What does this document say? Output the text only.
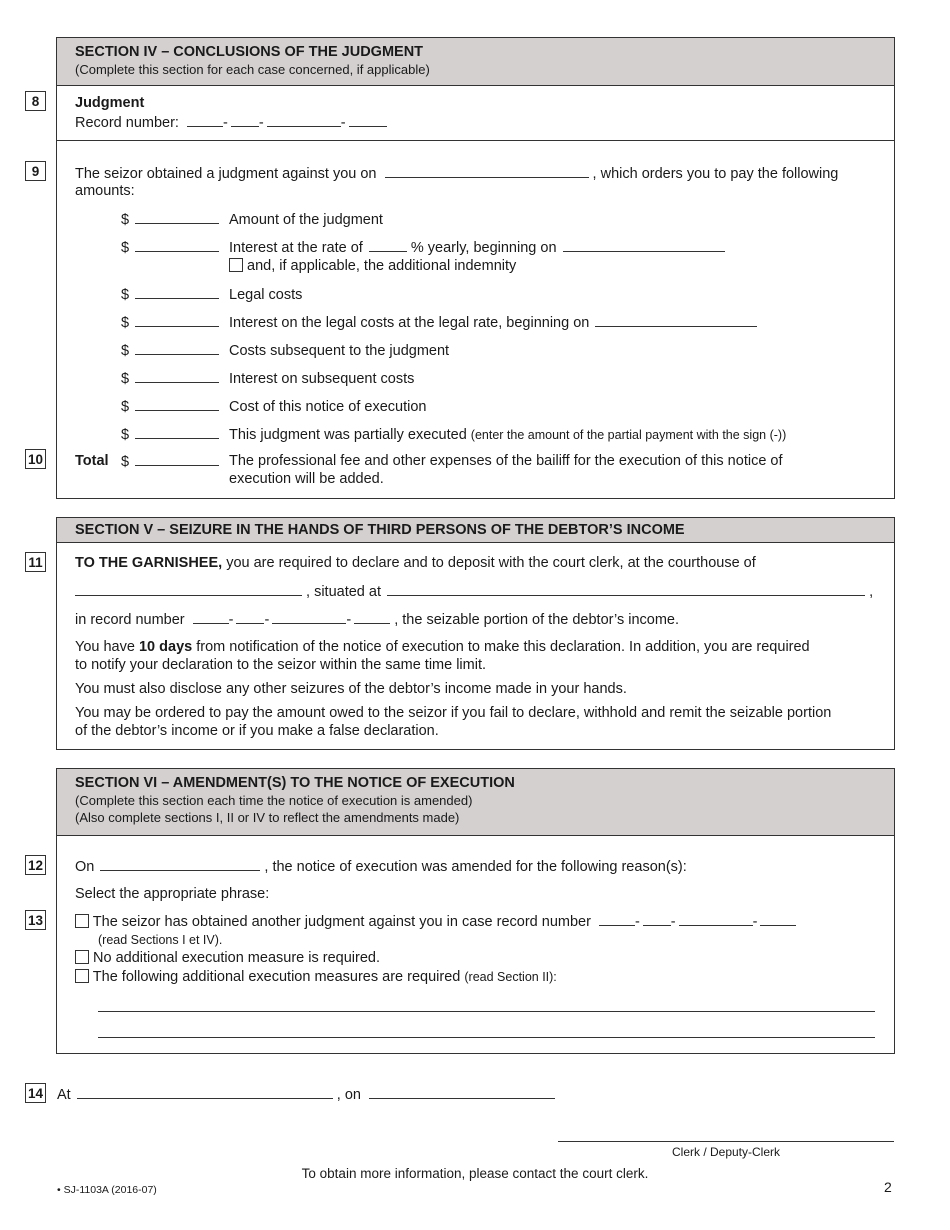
SECTION IV – CONCLUSIONS OF THE JUDGMENT
(Complete this section for each case concerned, if applicable)
Judgment
Record number:	- -	-
The seizor obtained a judgment against you on	, which orders you to pay the following
amounts:
$	Amount of the judgment
$	Interest at the rate of	% yearly, beginning on
and, if applicable, the additional indemnity
$	Legal costs
$	Interest on the legal costs at the legal rate, beginning on
$	Costs subsequent to the judgment
$	Interest on subsequent costs
$	Cost of this notice of execution
$	This judgment was partially executed (enter the amount of the partial payment with the sign (-))
Total $	The professional fee and other expenses of the bailiff for the execution of this notice of
execution will be added.
8
9
10
SECTION V – SEIZURE IN THE HANDS OF THIRD PERSONS OF THE DEBTOR’S INCOME
TO THE GARNISHEE, you are required to declare and to deposit with the court clerk, at the courthouse of
, situated at	,
in record number	- -	-	, the seizable portion of the debtor’s income.
You have 10 days from notification of the notice of execution to make this declaration. In addition, you are required
to notify your declaration to the seizor within the same time limit.
You must also disclose any other seizures of the debtor’s income made in your hands.
You may be ordered to pay the amount owed to the seizor if you fail to declare, withhold and remit the seizable portion
of the debtor’s income or if you make a false declaration.
11
SECTION VI – AMENDMENT(S) TO THE NOTICE OF EXECUTION
(Complete this section each time the notice of execution is amended)
(Also complete sections I, II or IV to reflect the amendments made)
On	, the notice of execution was amended for the following reason(s):
Select the appropriate phrase:
The seizor has obtained another judgment against you in case record number	- -	-
(read Sections I et IV).
No additional execution measure is required.
The following additional execution measures are required (read Section II):
12
13
14 At	, on
Clerk / Deputy-Clerk
To obtain more information, please contact the court clerk.
• SJ-1103A (2016-07)	2
